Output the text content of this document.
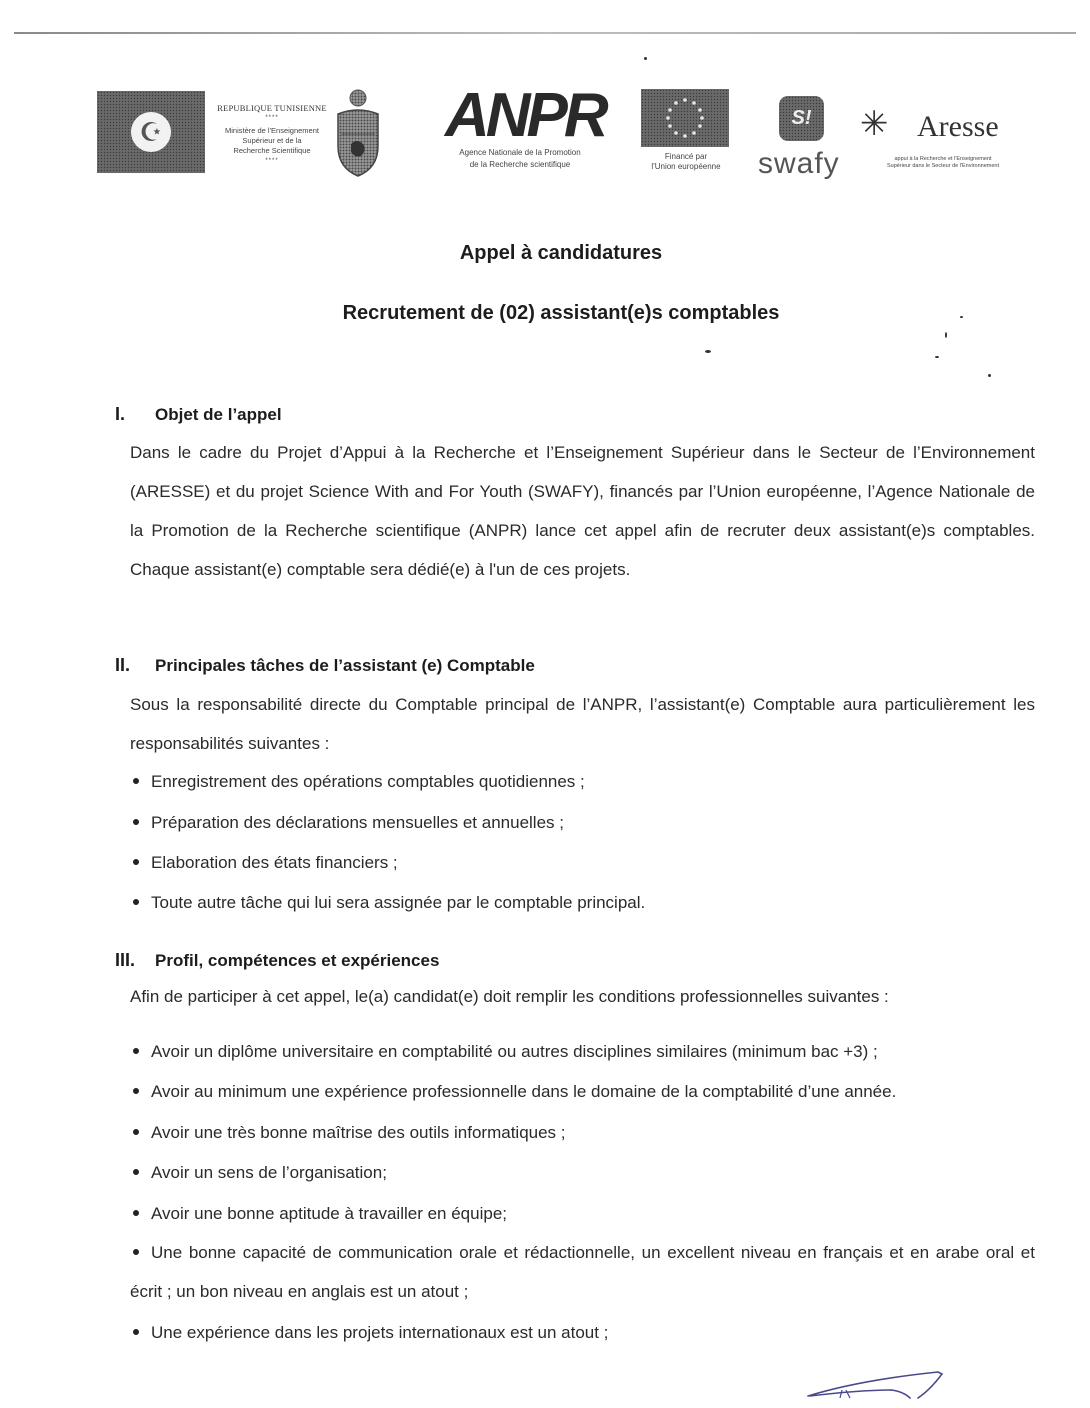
☪
REPUBLIQUE TUNISIENNE
****
Ministère de l'Enseignement
Supérieur et de la
Recherche Scientifique
****
ANPR
Agence Nationale de la Promotion
de la Recherche scientifique
Financé par
l'Union européenne
S!
swafy
✳ Aresse
appui à la Recherche et l'Enseignement
Supérieur dans le Secteur de l'Environnement
Appel à candidatures
Recrutement de (02) assistant(e)s comptables
I. Objet de l’appel

Dans le cadre du Projet d’Appui à la Recherche et l’Enseignement Supérieur dans le Secteur de l’Environnement (ARESSE) et du projet Science With and For Youth (SWAFY), financés par l’Union européenne, l’Agence Nationale de la Promotion de la Recherche scientifique (ANPR) lance cet appel afin de recruter deux assistant(e)s comptables. Chaque assistant(e) comptable sera dédié(e) à l'un de ces projets.

II. Principales tâches de l’assistant (e) Comptable

Sous la responsabilité directe du Comptable principal de l’ANPR, l’assistant(e) Comptable aura particulièrement les responsabilités suivantes :

Enregistrement des opérations comptables quotidiennes ;
Préparation des déclarations mensuelles et annuelles ;
Elaboration des états financiers ;
Toute autre tâche qui lui sera assignée par le comptable principal.
III. Profil, compétences et expériences
Afin de participer à cet appel, le(a) candidat(e) doit remplir les conditions professionnelles suivantes :
Avoir un diplôme universitaire en comptabilité ou autres disciplines similaires (minimum bac +3) ;
Avoir au minimum une expérience professionnelle dans le domaine de la comptabilité d’une année.
Avoir une très bonne maîtrise des outils informatiques ;
Avoir un sens de l’organisation;
Avoir une bonne aptitude à travailler en équipe;

Une bonne capacité de communication orale et rédactionnelle, un excellent niveau en français et en arabe oral et écrit ; un bon niveau en anglais est un atout ;

Une expérience dans les projets internationaux est un atout ;
